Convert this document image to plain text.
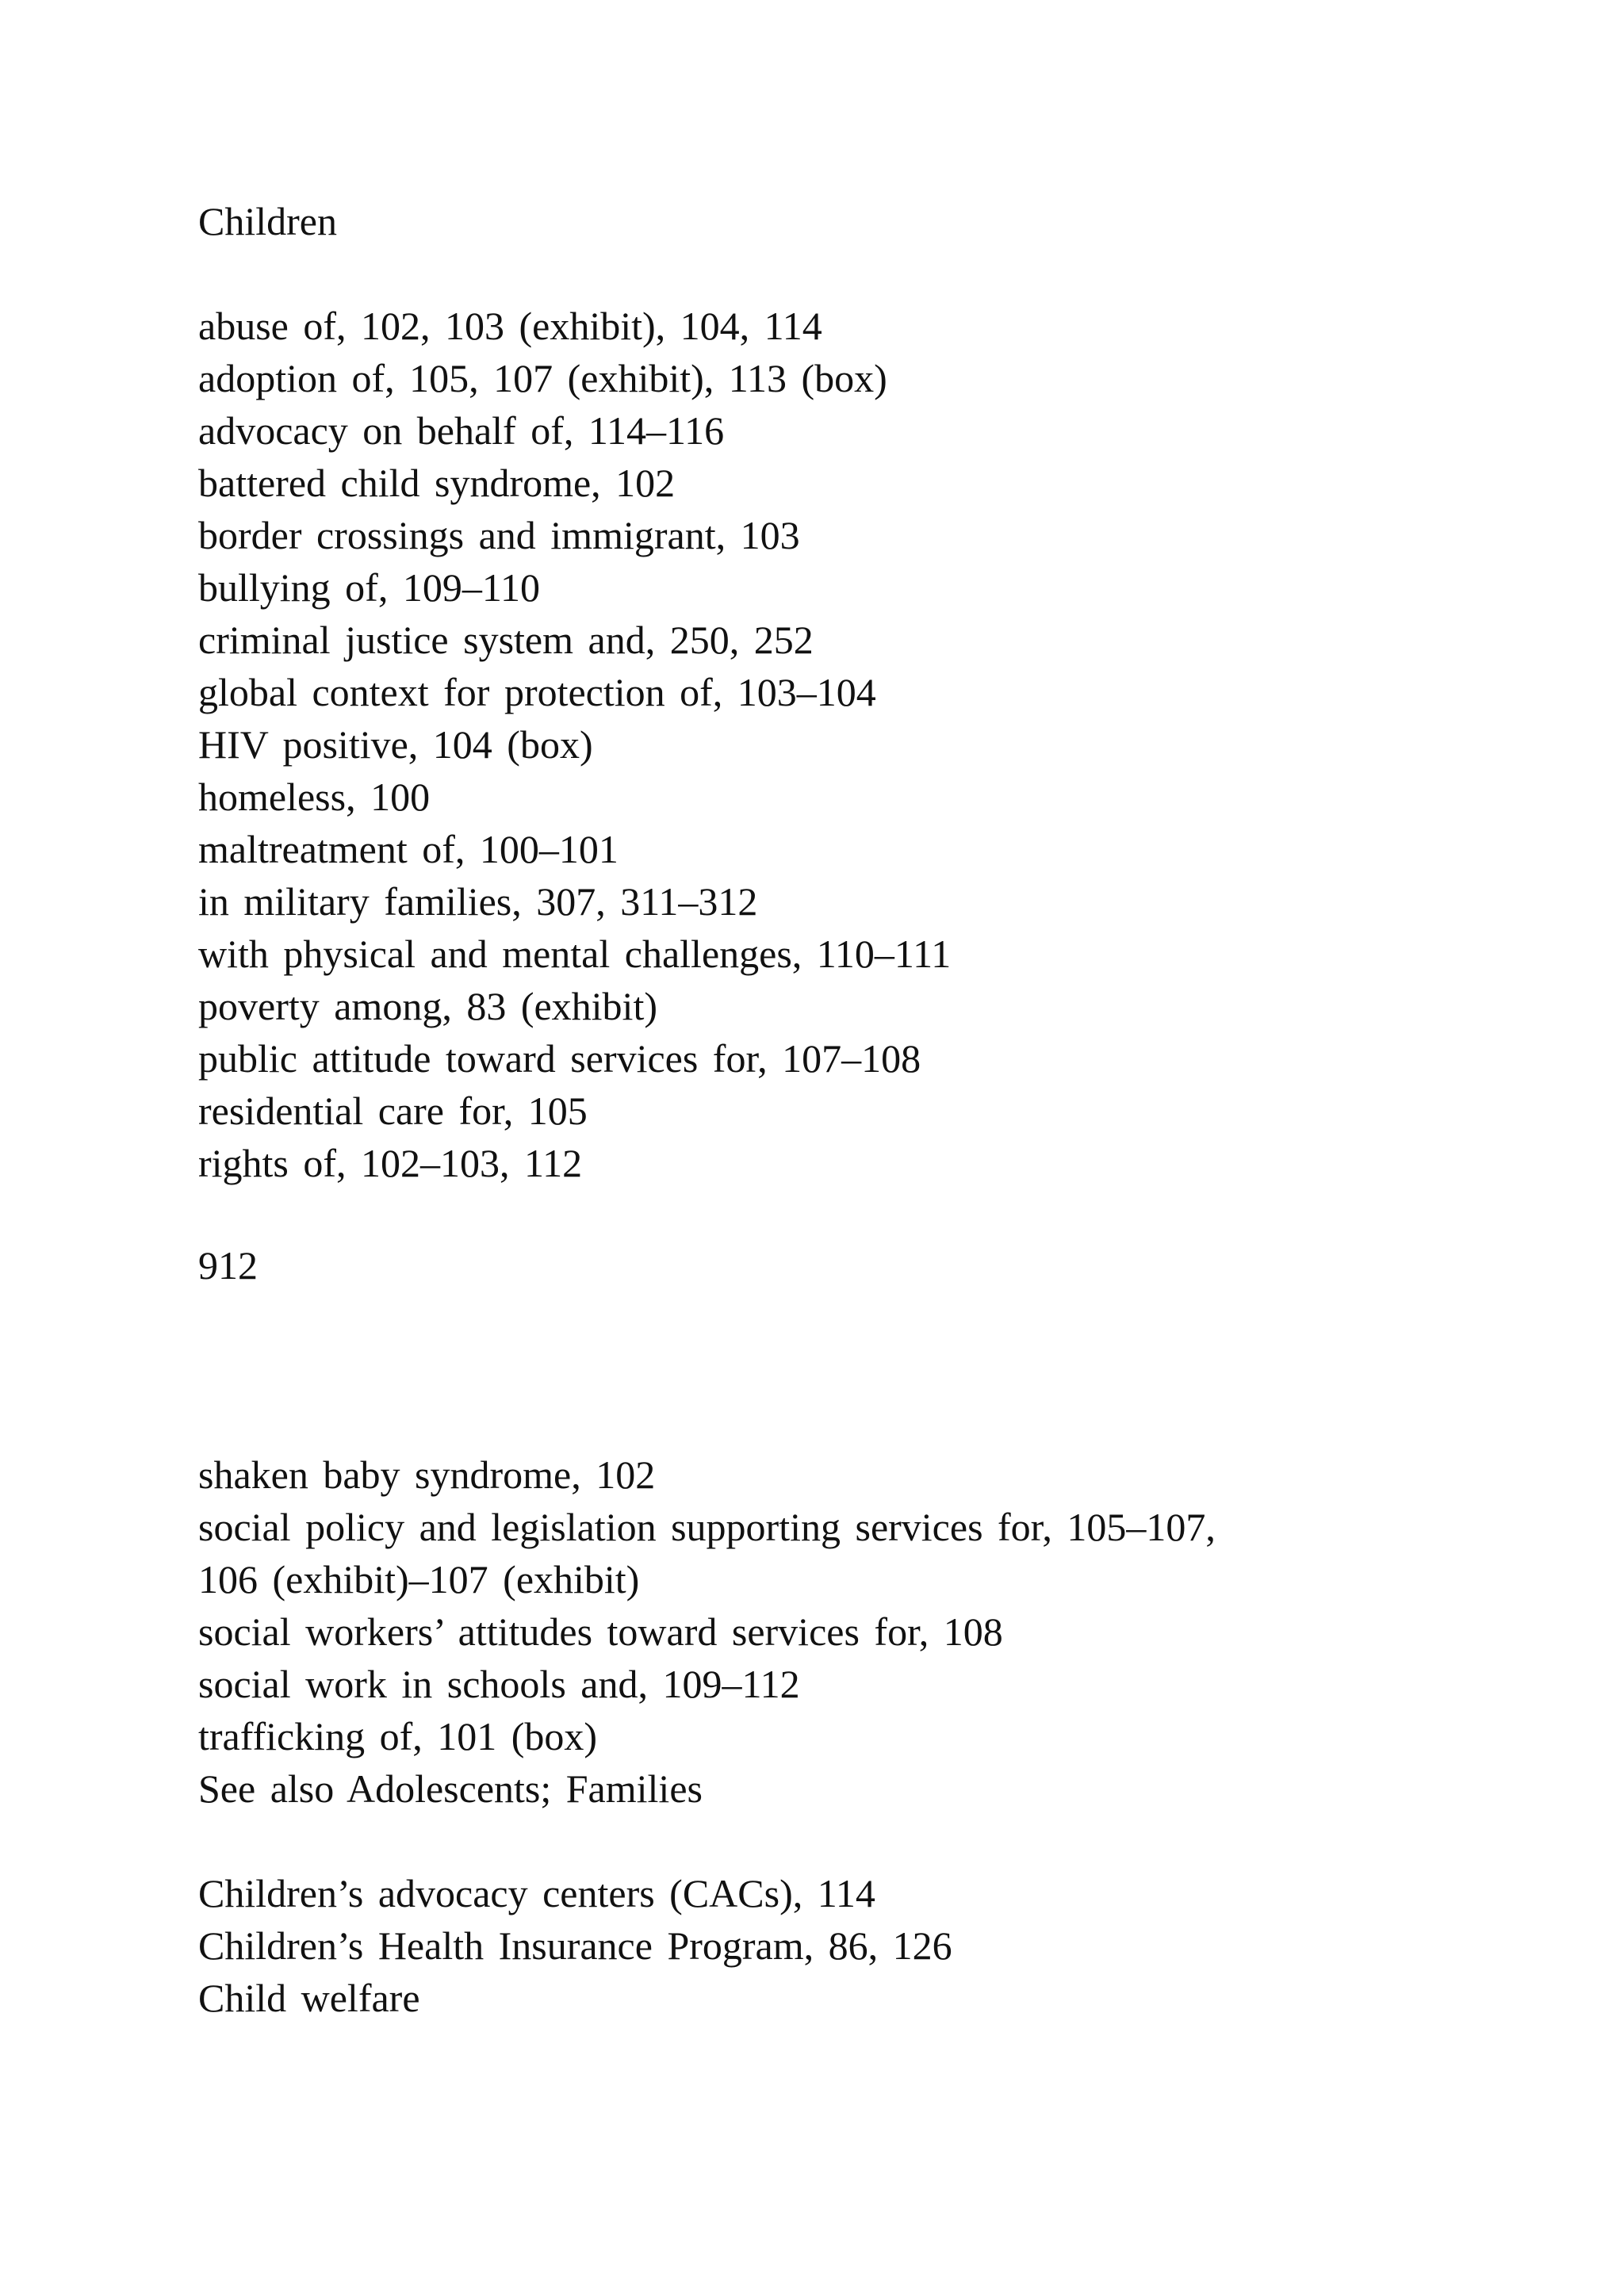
Children
abuse of, 102, 103 (exhibit), 104, 114
adoption of, 105, 107 (exhibit), 113 (box)
advocacy on behalf of, 114–116
battered child syndrome, 102
border crossings and immigrant, 103
bullying of, 109–110
criminal justice system and, 250, 252
global context for protection of, 103–104
HIV positive, 104 (box)
homeless, 100
maltreatment of, 100–101
in military families, 307, 311–312
with physical and mental challenges, 110–111
poverty among, 83 (exhibit)
public attitude toward services for, 107–108
residential care for, 105
rights of, 102–103, 112
912
shaken baby syndrome, 102
social policy and legislation supporting services for, 105–107,
106 (exhibit)–107 (exhibit)
social workers’ attitudes toward services for, 108
social work in schools and, 109–112
trafficking of, 101 (box)
See also Adolescents; Families
Children’s advocacy centers (CACs), 114
Children’s Health Insurance Program, 86, 126
Child welfare
